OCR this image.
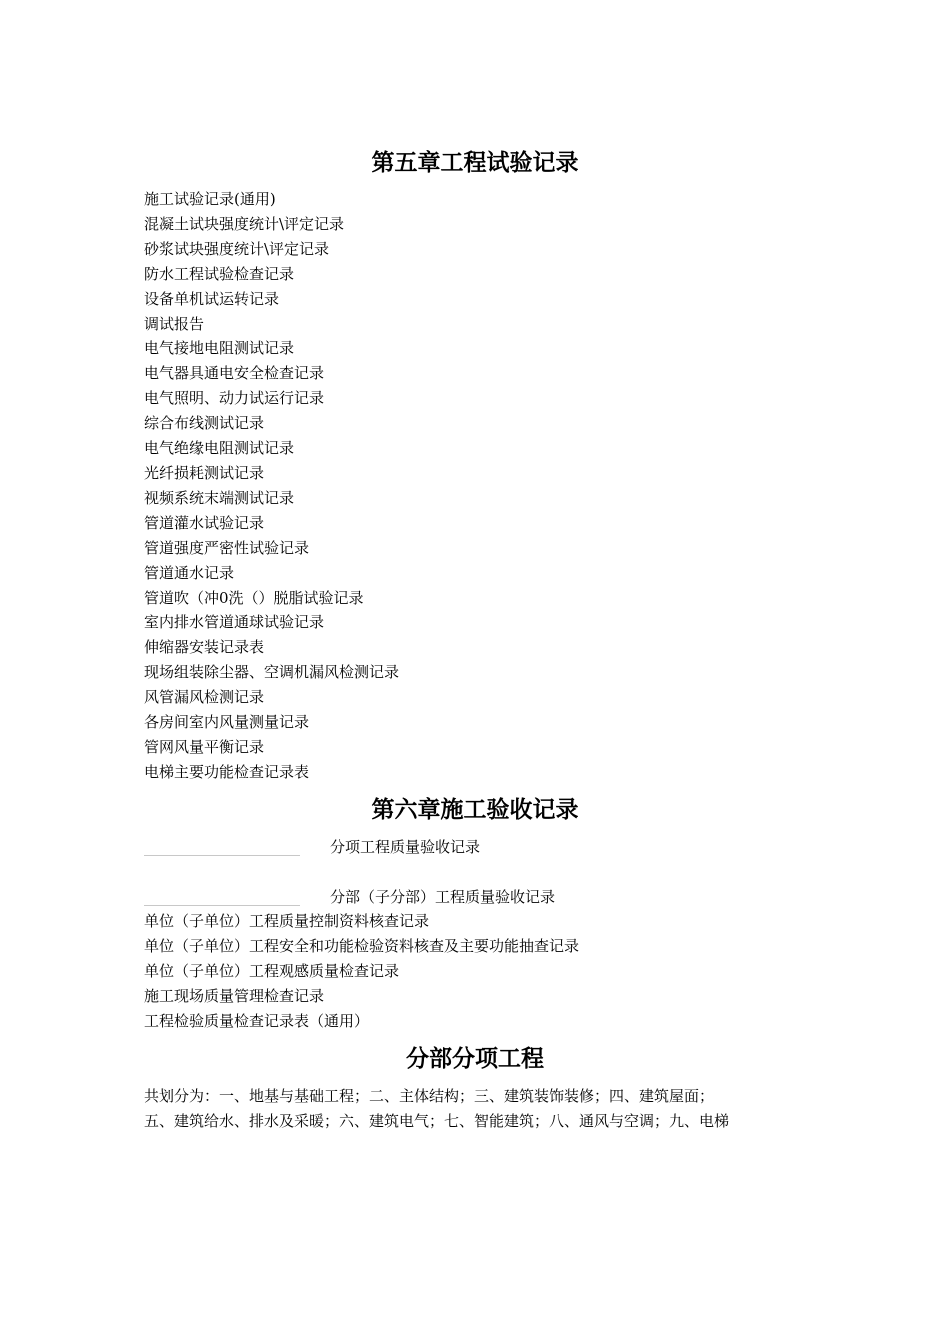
第五章工程试验记录
施工试验记录(通用)
混凝土试块强度统计\评定记录
砂浆试块强度统计\评定记录
防水工程试验检查记录
设备单机试运转记录
调试报告
电气接地电阻测试记录
电气器具通电安全检查记录
电气照明、动力试运行记录
综合布线测试记录
电气绝缘电阻测试记录
光纤损耗测试记录
视频系统末端测试记录
管道灌水试验记录
管道强度严密性试验记录
管道通水记录
管道吹（冲0洗（）脱脂试验记录
室内排水管道通球试验记录
伸缩器安装记录表
现场组装除尘器、空调机漏风检测记录
风管漏风检测记录
各房间室内风量测量记录
管网风量平衡记录
电梯主要功能检查记录表
第六章施工验收记录
分项工程质量验收记录
分部（子分部）工程质量验收记录
单位（子单位）工程质量控制资料核查记录
单位（子单位）工程安全和功能检验资料核查及主要功能抽查记录
单位（子单位）工程观感质量检查记录
施工现场质量管理检查记录
工程检验质量检查记录表（通用）
分部分项工程

共划分为：一、地基与基础工程；二、主体结构；三、建筑装饰装修；四、建筑屋面；
五、建筑给水、排水及采暖；六、建筑电气；七、智能建筑；八、通风与空调；九、电梯
